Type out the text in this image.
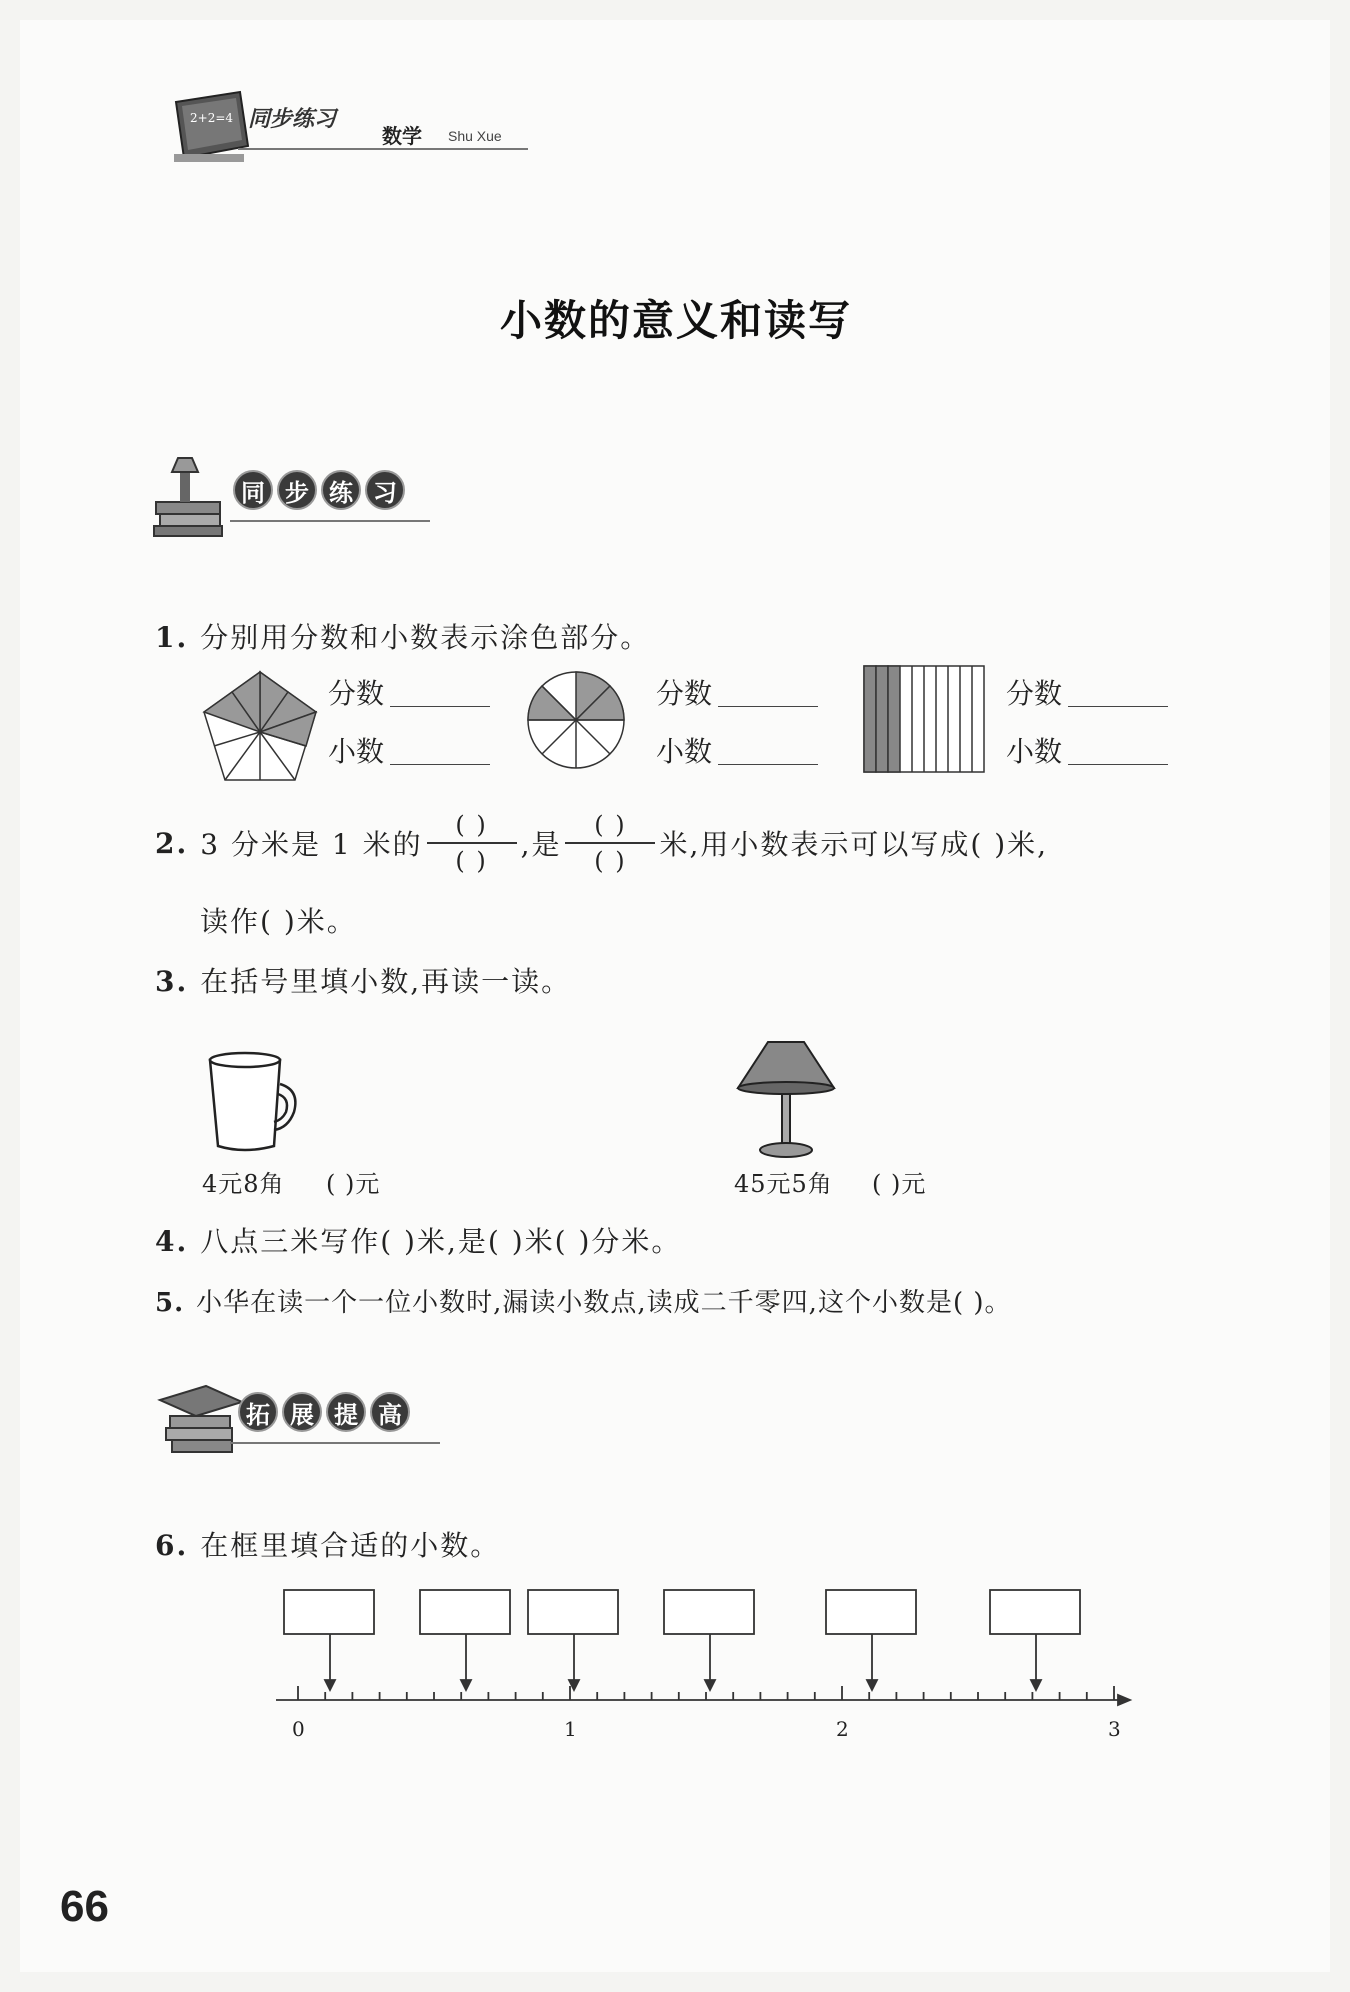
2+2=4 同步练习
数学 Shu Xue
小数的意义和读写
同 步 练 习
1. 分别用分数和小数表示涂色部分。
分数
小数
分数
小数
分数
小数
2. 3 分米是 1 米的 $\frac{( )}{( )}$ ,是 $\frac{( )}{( )}$ 米,用小数表示可以写成( )米,
读作( )米。
3. 在括号里填小数,再读一读。
4元8角 ( )元	45元5角 ( )元
4. 八点三米写作( )米,是( )米( )分米。
5. 小华在读一个一位小数时,漏读小数点,读成二千零四,这个小数是( )。
拓 展 提 高
6. 在框里填合适的小数。
0	1	2	3
66
